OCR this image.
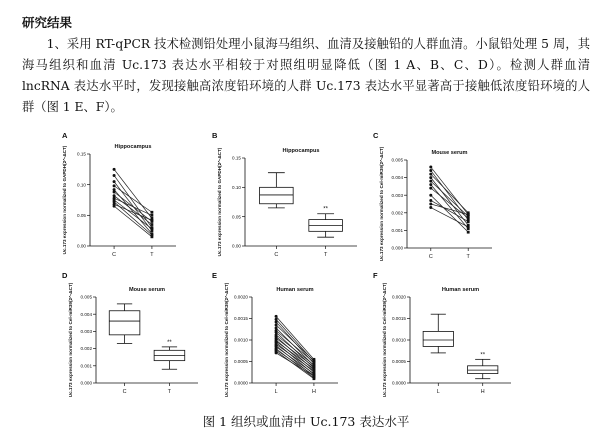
研究结果

1、采用 RT-qPCR 技术检测铅处理小鼠海马组织、血清及接触铅的人群血清。小鼠铅处理 5 周，其海马组织和血清 Uc.173 表达水平相较于对照组明显降低（图 1 A、B、C、D）。检测人群血清 lncRNA 表达水平时，发现接触高浓度铅环境的人群 Uc.173 表达水平显著高于接触低浓度铅环境的人群（图 1 E、F）。

A
Hippocampus
0.00
0.05
0.10
0.15
Uc.173 expression normalized to GAPDH(2^-ΔCT)
C	T
B
Hippocampus
0.00
0.05
0.10
0.15
Uc.173 expression normalized to GAPDH(2^-ΔCT)	C	T
**
C
Mouse serum
0.000
0.001
0.002
0.003
0.004
0.005
Uc.173 expression normalized to Cel-miR39(2^-ΔCT)	C	T
D
Mouse serum
0.000
0.001
0.002
0.003
0.004
0.005
Uc.173 expression normalized to Cel-miR39(2^-ΔCT)	C	T
**
E
Human serum
0.0000
0.0005
0.0010
0.0015
0.0020
Uc.173 expression normalized to Cel-miR39(2^-ΔCT)	L	H
F
Human serum
0.0000
0.0005
0.0010
0.0015
0.0020
Uc.173 expression normalized to Cel-miR39(2^-ΔCT)	L	H
**
图 1 组织或血清中 Uc.173 表达水平
